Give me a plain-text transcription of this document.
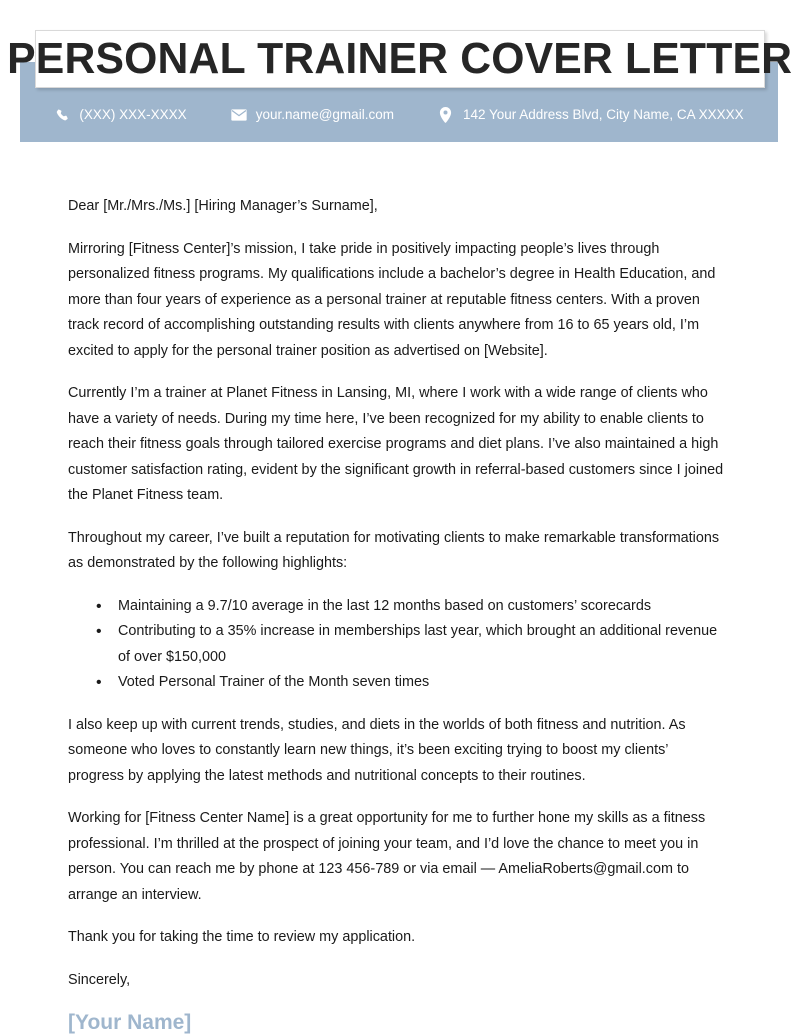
PERSONAL TRAINER COVER LETTER
(XXX) XXX-XXXX	your.name@gmail.com	142 Your Address Blvd, City Name, CA XXXXX

Dear [Mr./Mrs./Ms.] [Hiring Manager’s Surname],

Mirroring [Fitness Center]’s mission, I take pride in positively impacting people’s lives through personalized fitness programs. My qualifications include a bachelor’s degree in Health Education, and more than four years of experience as a personal trainer at reputable fitness centers. With a proven track record of accomplishing outstanding results with clients anywhere from 16 to 65 years old, I’m excited to apply for the personal trainer position as advertised on [Website].

Currently I’m a trainer at Planet Fitness in Lansing, MI, where I work with a wide range of clients who have a variety of needs. During my time here, I’ve been recognized for my ability to enable clients to reach their fitness goals through tailored exercise programs and diet plans. I’ve also maintained a high customer satisfaction rating, evident by the significant growth in referral-based customers since I joined the Planet Fitness team.

Throughout my career, I’ve built a reputation for motivating clients to make remarkable transformations as demonstrated by the following highlights:

• Maintaining a 9.7/10 average in the last 12 months based on customers’ scorecards
• Contributing to a 35% increase in memberships last year, which brought an additional revenue of over $150,000
• Voted Personal Trainer of the Month seven times

I also keep up with current trends, studies, and diets in the worlds of both fitness and nutrition. As someone who loves to constantly learn new things, it’s been exciting trying to boost my clients’ progress by applying the latest methods and nutritional concepts to their routines.

Working for [Fitness Center Name] is a great opportunity for me to further hone my skills as a fitness professional. I’m thrilled at the prospect of joining your team, and I’d love the chance to meet you in person. You can reach me by phone at 123 456-789 or via email — AmeliaRoberts@gmail.com to arrange an interview.

Thank you for taking the time to review my application.

Sincerely,

[Your Name]
